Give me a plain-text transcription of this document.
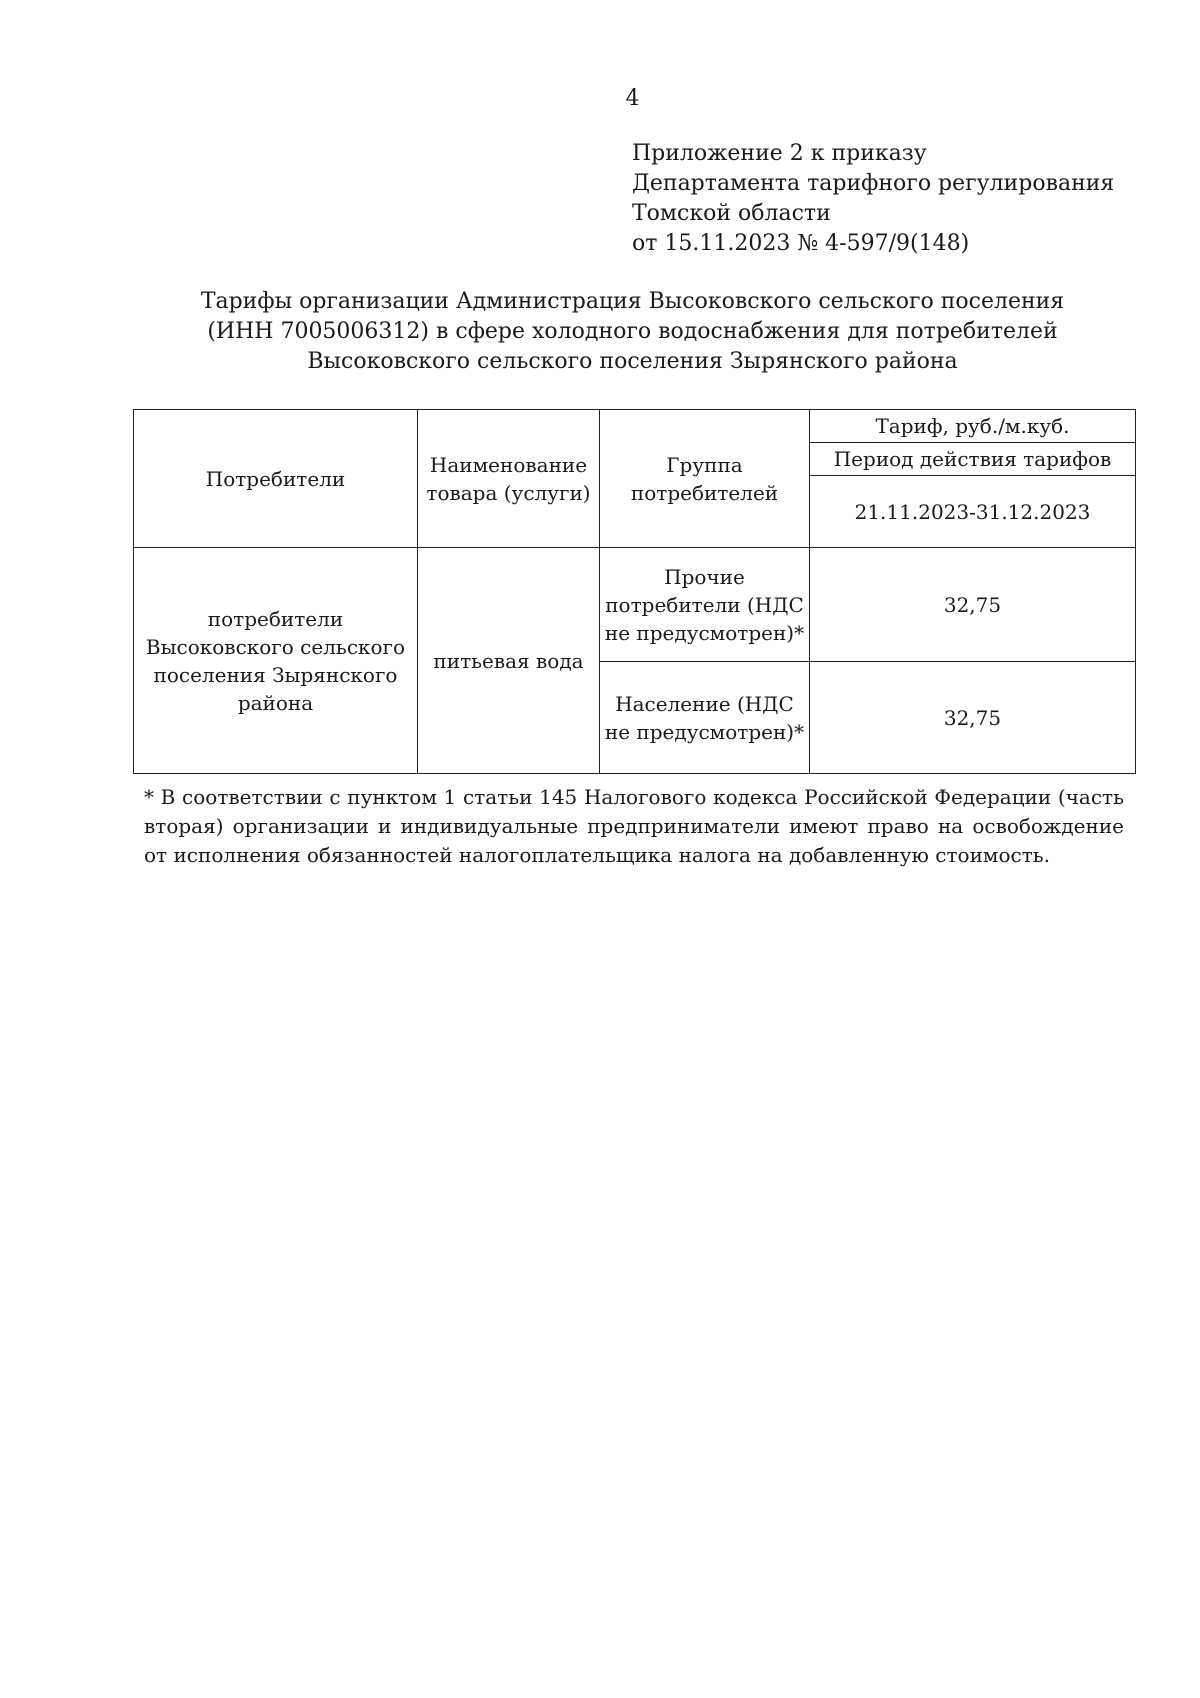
4
Приложение 2 к приказу
Департамента тарифного регулирования
Томской области
от 15.11.2023 № 4-597/9(148)
Тарифы организации Администрация Высоковского сельского поселения
(ИНН 7005006312) в сфере холодного водоснабжения для потребителей
Высоковского сельского поселения Зырянского района
Потребители	Наименование товара (услуги)	Группа потребителей	Тариф, руб./м.куб.
			Период действия тарифов
			21.11.2023-31.12.2023
потребители Высоковского сельского поселения Зырянского района	питьевая вода	Прочие потребители (НДС не предусмотрен)*	32,75
		Население (НДС не предусмотрен)*	32,75
* В соответствии с пунктом 1 статьи 145 Налогового кодекса Российской Федерации (часть вторая) организации и индивидуальные предприниматели имеют право на освобождение от исполнения обязанностей налогоплательщика налога на добавленную стоимость.
